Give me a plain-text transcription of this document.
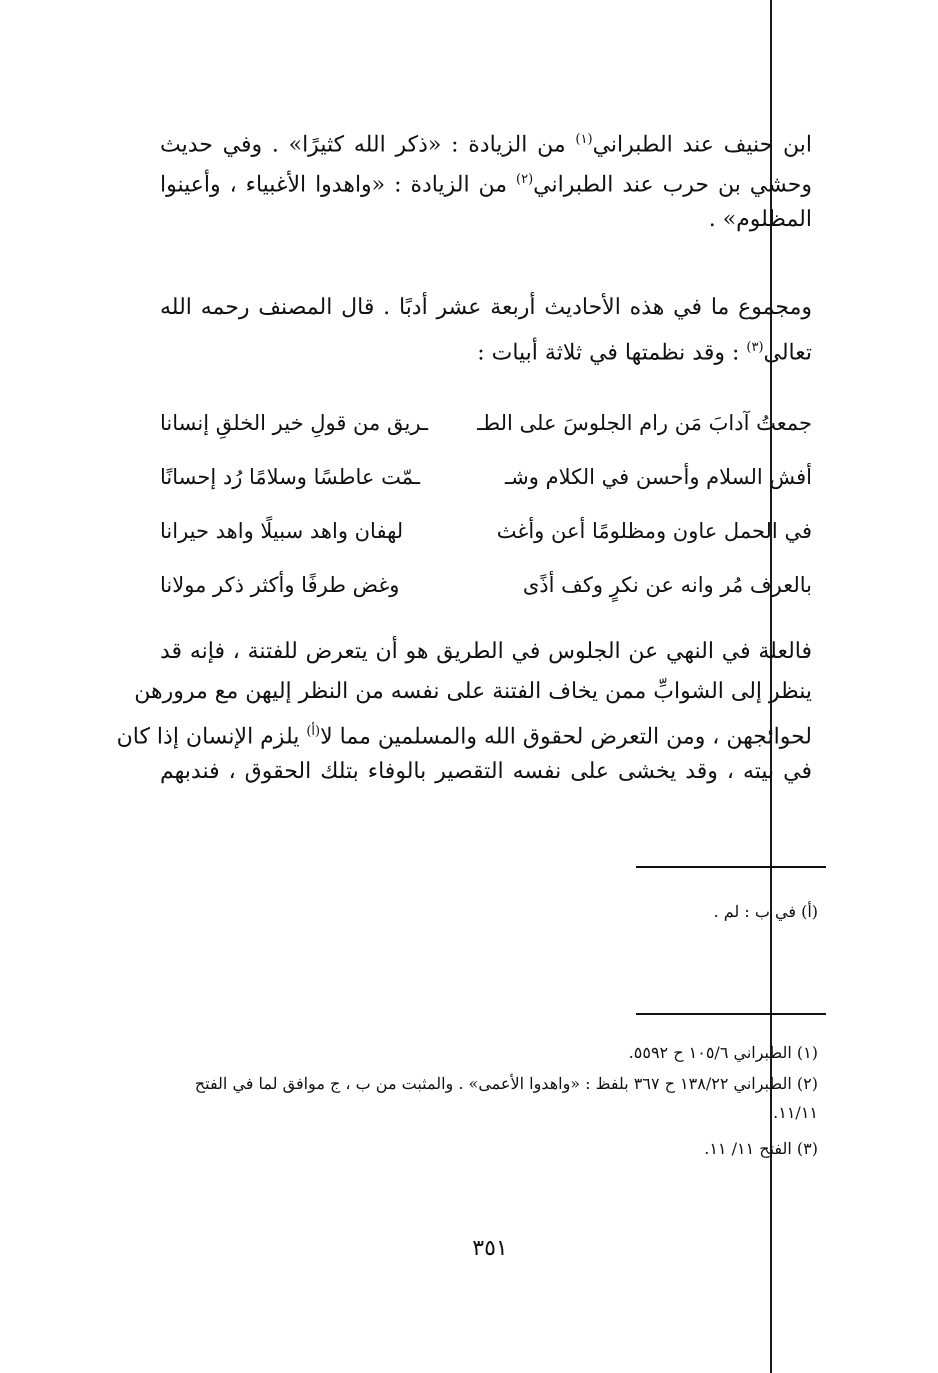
ابن حنيف عند الطبراني$^{(١)}$ من الزيادة : «ذكر الله كثيرًا» . وفي حديث
وحشي بن حرب عند الطبراني$^{(٢)}$ من الزيادة : «واهدوا الأغبياء ، وأعينوا
المظلوم» .
ومجموع ما في هذه الأحاديث أربعة عشر أدبًا . قال المصنف رحمه الله
تعالى$^{(٣)}$ : وقد نظمتها في ثلاثة أبيات :
جمعتُ آدابَ مَن رام الجلوسَ على الطـ
ـريق من قولِ خير الخلقِ إنسانا
أفش السلام وأحسن في الكلام وشـ
ـمّت عاطسًا وسلامًا رُد إحسانًا
في الحمل عاون ومظلومًا أعن وأغث
لهفان واهد سبيلًا واهد حيرانا
بالعرف مُر وانه عن نكرٍ وكف أذًى
وغض طرفًا وأكثر ذكر مولانا
فالعلة في النهي عن الجلوس في الطريق هو أن يتعرض للفتنة ، فإنه قد
ينظر إلى الشوابِّ ممن يخاف الفتنة على نفسه من النظر إليهن مع مرورهن
لحوائجهن ، ومن التعرض لحقوق الله والمسلمين مما لا$^{(أ)}$ يلزم الإنسان إذا كان
في بيته ، وقد يخشى على نفسه التقصير بالوفاء بتلك الحقوق ، فندبهم
(أ) في ب : لم .
(١) الطبراني ١٠٥/٦ ح ٥٥٩٢.
(٢) الطبراني ١٣٨/٢٢ ح ٣٦٧ بلفظ : «واهدوا الأعمى» . والمثبت من ب ، ج موافق لما في الفتح
١١/١١.
(٣) الفتح ١١/ ١١.
٣٥١
